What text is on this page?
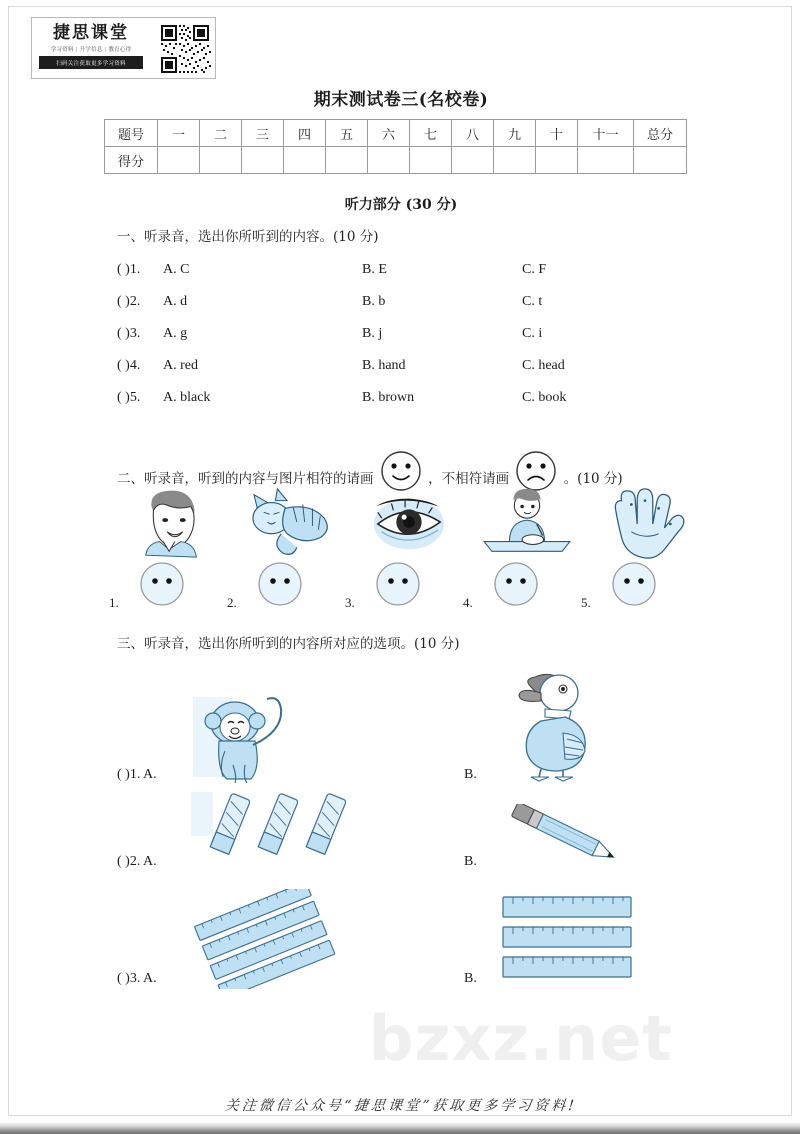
bzxz.net
捷思课堂
学习资料 | 升学信息 | 教育心得
扫码关注获取更多学习资料
期末测试卷三(名校卷)
题号	一	二	三	四	五	六	七	八	九	十	十一	总分
得分												
听力部分 (30 分)
一、听录音，选出你所听到的内容。(10 分)
( )1.	A. C	B. E	C. F
( )2.	A. d	B. b	C. t
( )3.	A. g	B. j	C. i
( )4.	A. red	B. hand	C. head
( )5.	A. black	B. brown	C. book
二、听录音，听到的内容与图片相符的请画	，不相符请画	。(10 分)
1.	2.	3.	4.	5.
三、听录音，选出你所听到的内容所对应的选项。(10 分)
( )1. A.	B.
( )2. A.	B.
( )3. A.	B.
关注微信公众号“捷思课堂”获取更多学习资料!
